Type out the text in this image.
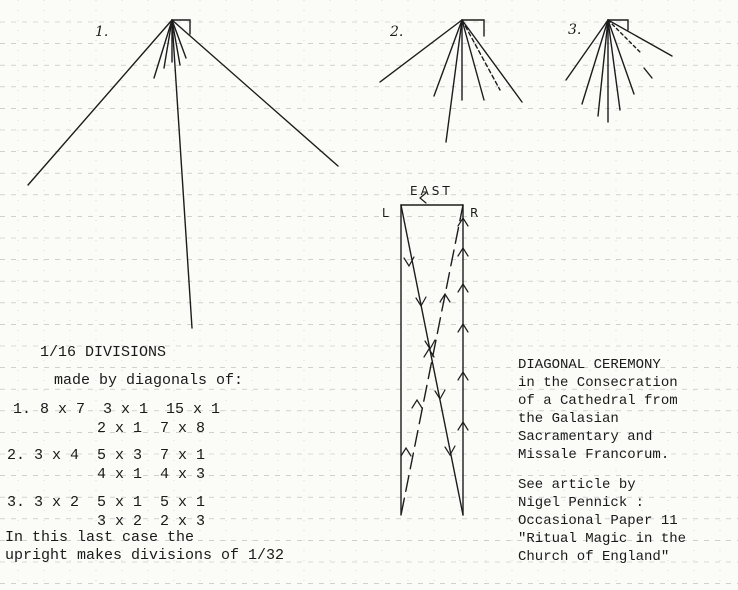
1.	2.	3.
EAST
L	R
1/16 DIVISIONS
made by diagonals of:
1. 8 x 7  3 x 1  15 x 1
2 x 1  7 x 8
2. 3 x 4  5 x 3  7 x 1
4 x 1  4 x 3
3. 3 x 2  5 x 1  5 x 1
3 x 2  2 x 3
In this last case the
upright makes divisions of 1/32
DIAGONAL CEREMONY
in the Consecration
of a Cathedral from
the Galasian
Sacramentary and
Missale Francorum.
See article by
Nigel Pennick :
Occasional Paper 11
"Ritual Magic in the
Church of England"
